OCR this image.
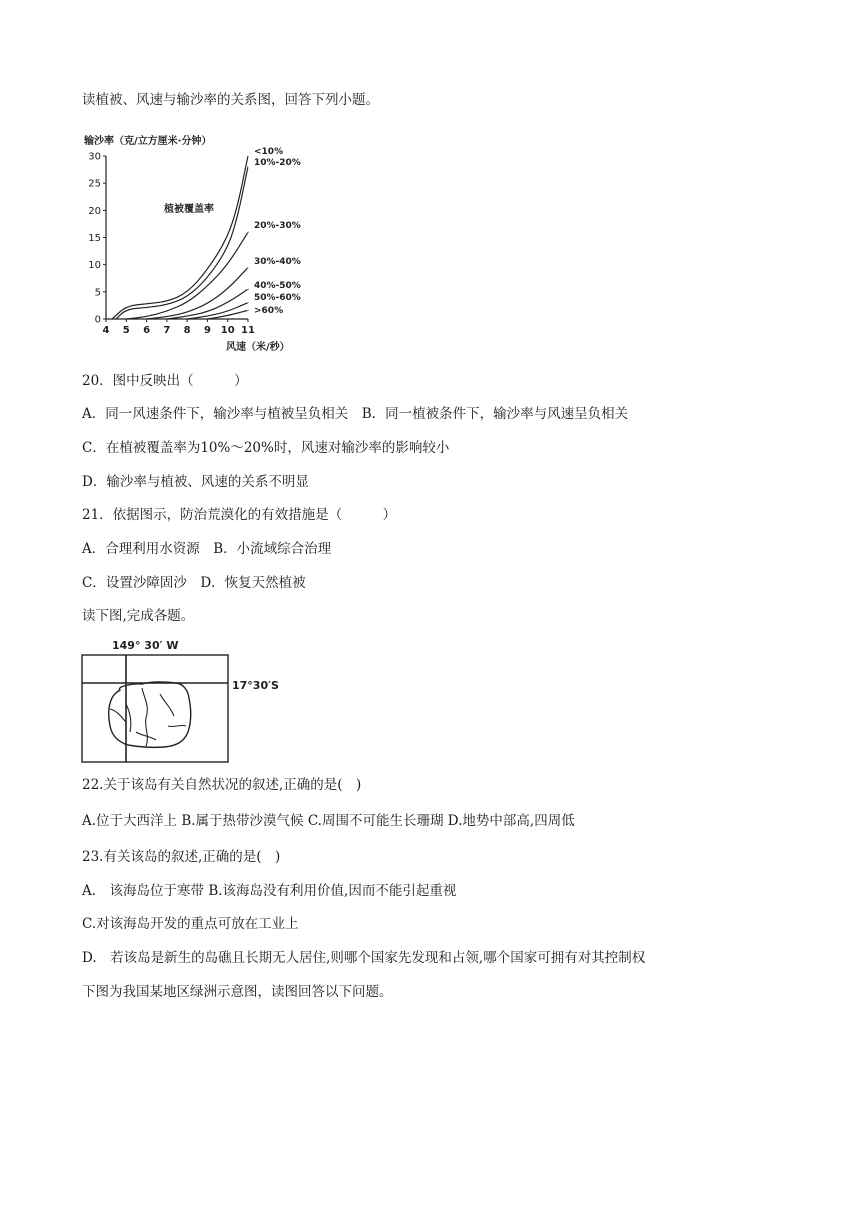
读植被、风速与输沙率的关系图，回答下列小题。
输沙率（克/立方厘米·分钟）
0
5
10
15
20
25
30
4 5 6 7 8 9 10 11
<10%
10%-20%
20%-30%
30%-40%
40%-50%
50%-60%
>60%
植被覆盖率
风速（米/秒）
20．图中反映出（　　　）
A．同一风速条件下，输沙率与植被呈负相关　B．同一植被条件下，输沙率与风速呈负相关
C．在植被覆盖率为10%～20%时，风速对输沙率的影响较小
D．输沙率与植被、风速的关系不明显
21．依据图示，防治荒漠化的有效措施是（　　　）
A．合理利用水资源　B．小流域综合治理
C．设置沙障固沙　D．恢复天然植被
读下图,完成各题。
149° 30′ W
17°30′S
22.关于该岛有关自然状况的叙述,正确的是(　)
A.位于大西洋上 B.属于热带沙漠气候 C.周围不可能生长珊瑚 D.地势中部高,四周低
23.有关该岛的叙述,正确的是(　)
A.　该海岛位于寒带 B.该海岛没有利用价值,因而不能引起重视
C.对该海岛开发的重点可放在工业上
D.　若该岛是新生的岛礁且长期无人居住,则哪个国家先发现和占领,哪个国家可拥有对其控制权
下图为我国某地区绿洲示意图，读图回答以下问题。
